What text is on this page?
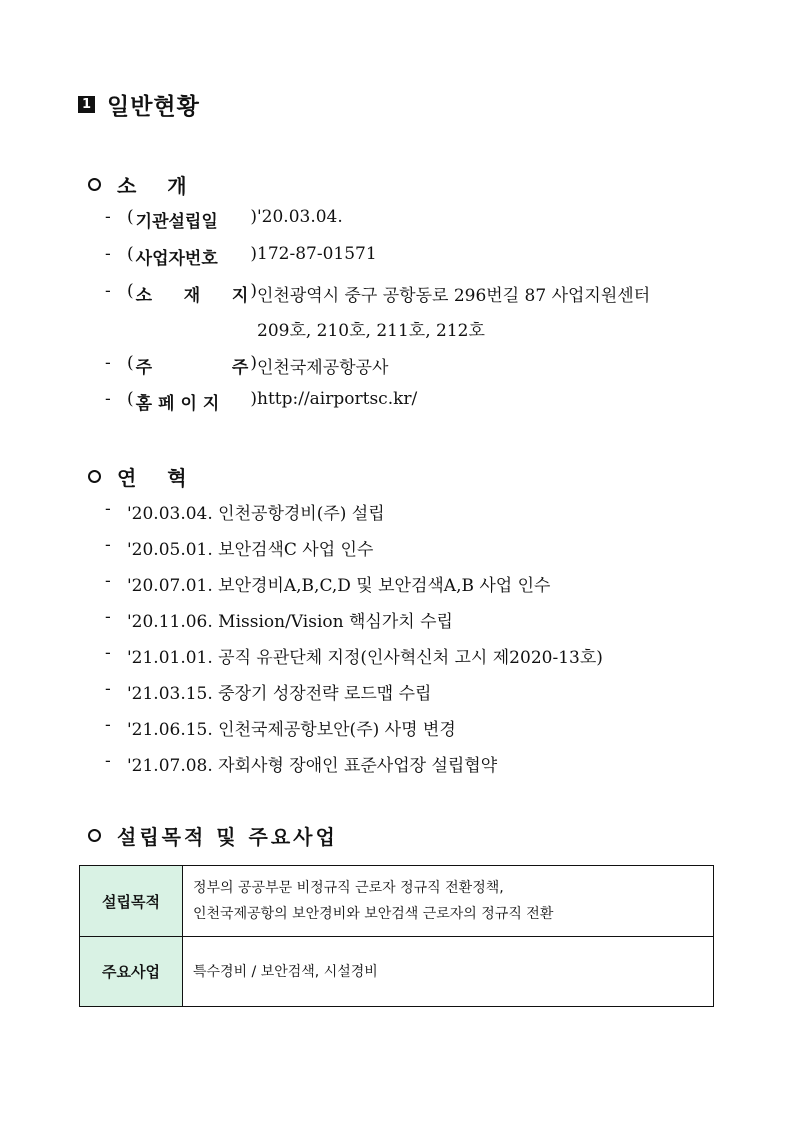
1 일반현황
소 개
- ( 기관설립일 ) '20.03.04.
- ( 사업자번호 ) 172-87-01571
- ( 소 재 지 ) 인천광역시 중구 공항동로 296번길 87 사업지원센터
209호, 210호, 211호, 212호
- ( 주	주 ) 인천국제공항공사
- ( 홈페이지 ) http://airportsc.kr/
연 혁
- '20.03.04. 인천공항경비(주) 설립
- '20.05.01. 보안검색C 사업 인수
- '20.07.01. 보안경비A,B,C,D 및 보안검색A,B 사업 인수
- '20.11.06. Mission/Vision 핵심가치 수립
- '21.01.01. 공직 유관단체 지정(인사혁신처 고시 제2020-13호)
- '21.03.15. 중장기 성장전략 로드맵 수립
- '21.06.15. 인천국제공항보안(주) 사명 변경
- '21.07.08. 자회사형 장애인 표준사업장 설립협약
설립목적 및 주요사업
설립목적	정부의 공공부문 비정규직 근로자 정규직 전환정책,
인천국제공항의 보안경비와 보안검색 근로자의 정규직 전환

주요사업	특수경비 / 보안검색, 시설경비
